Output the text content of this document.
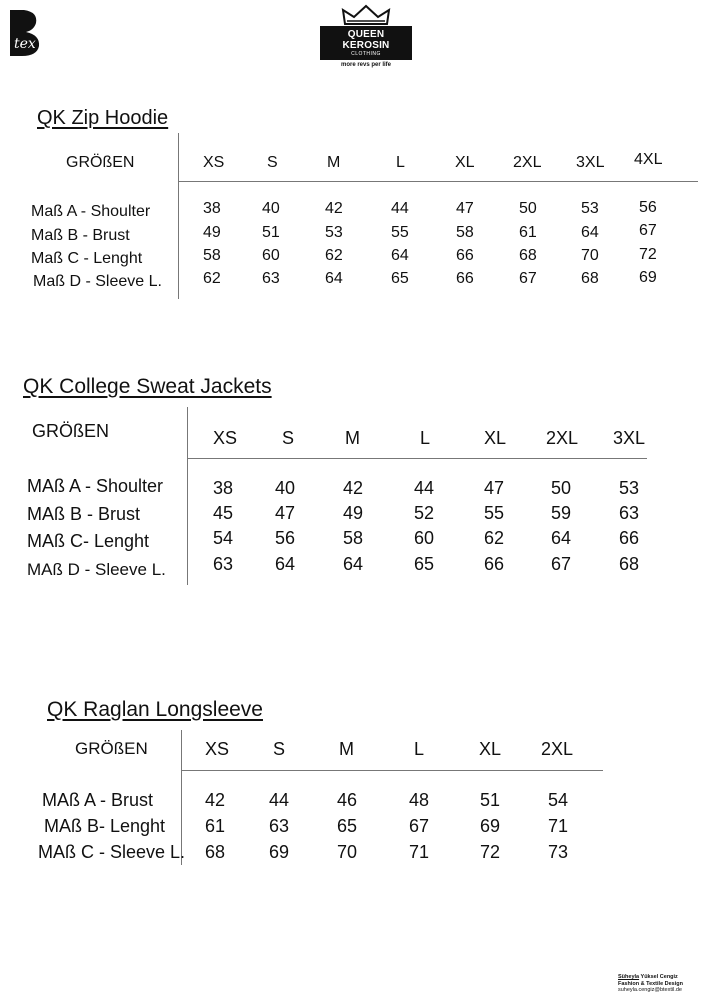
tex
QUEEN KEROSIN
CLOTHING
more revs per life
QK Zip Hoodie
GRÖßEN	XS	S	M	L	XL 2XL 3XL 4XL
Maß A - Shoulter	38	40	42	44	47	50	53	56
Maß B - Brust	49	51	53	55	58	61	64	67
Maß C - Lenght	58	60	62	64	66	68	70	72
Maß D - Sleeve L.	62	63	64	65	66	67	68	69
QK College Sweat Jackets
GRÖßEN	XS S	M	L	XL 2XL 3XL
MAß A - Shoulter	38 40	42	44	47	50	53
MAß B - Brust	45 47	49	52	55	59	63
MAß C- Lenght	54 56	58	60	62	64	66
MAß D - Sleeve L.	63 64	64	65	66	67	68
QK Raglan Longsleeve
GRÖßEN	XS S	M	L	XL 2XL
MAß A - Brust	42 44	46	48	51	54
MAß B- Lenght 61 63	65	67	69	71
MAß C - Sleeve L. 68 69	70	71	72	73
Süheyla Yüksel Cengiz
Fashion & Textile Design
suheyla.cengiz@btextil.de
